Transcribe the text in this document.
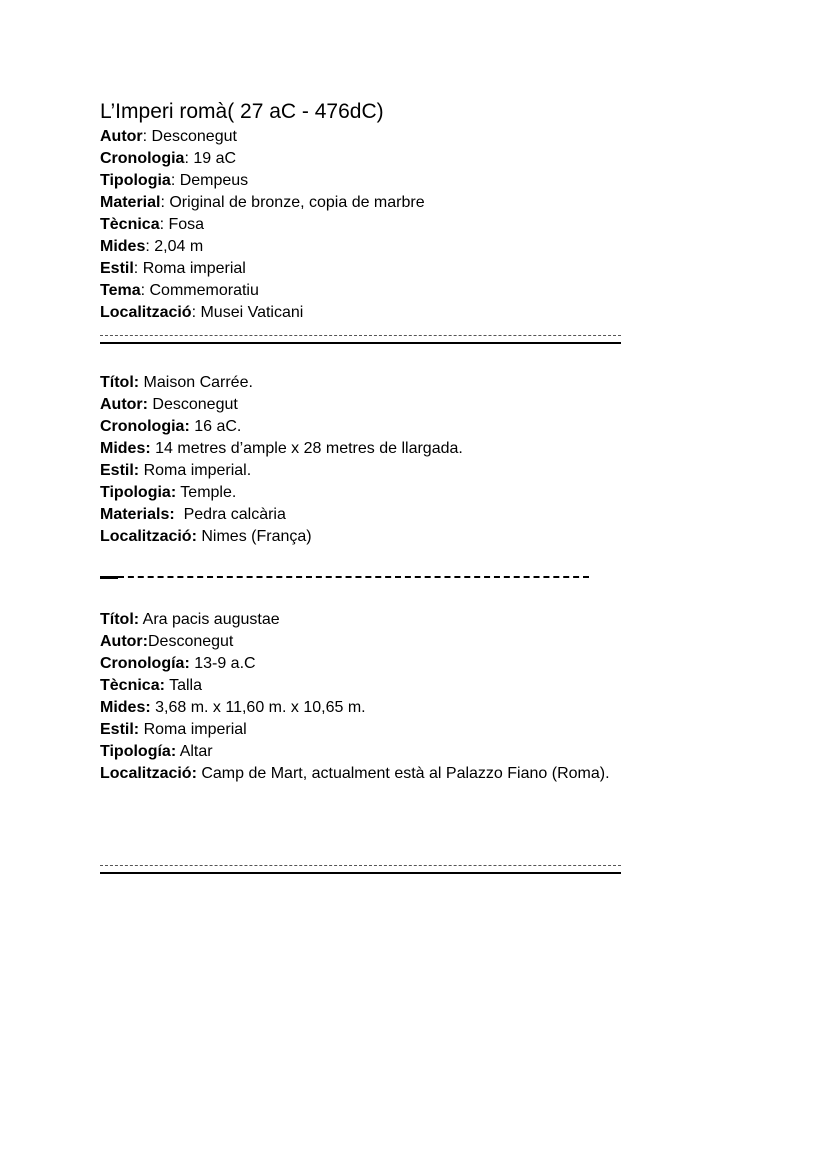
L’Imperi romà( 27 aC - 476dC)
Autor: Desconegut
Cronologia: 19 aC
Tipologia: Dempeus
Material: Original de bronze, copia de marbre
Tècnica: Fosa
Mides: 2,04 m
Estil: Roma imperial
Tema: Commemoratiu
Localització: Musei Vaticani
Títol: Maison Carrée.
Autor: Desconegut
Cronologia: 16 aC.
Mides: 14 metres d’ample x 28 metres de llargada.
Estil: Roma imperial.
Tipologia: Temple.
Materials:  Pedra calcària
Localització: Nimes (França)
Títol: Ara pacis augustae
Autor:Desconegut
Cronología: 13-9 a.C
Tècnica: Talla
Mides: 3,68 m. x 11,60 m. x 10,65 m.
Estil: Roma imperial
Tipología: Altar
Localització: Camp de Mart, actualment està al Palazzo Fiano (Roma).
